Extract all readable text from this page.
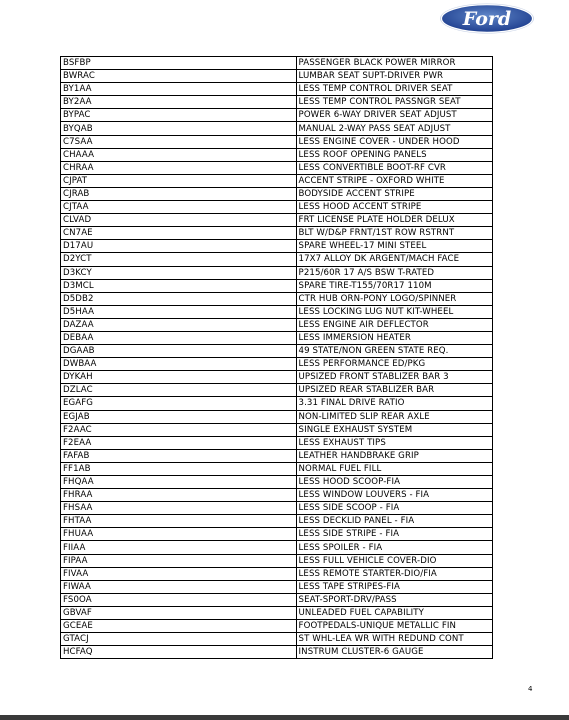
Ford
BSFBP	PASSENGER BLACK POWER MIRROR
BWRAC	LUMBAR SEAT SUPT-DRIVER PWR
BY1AA	LESS TEMP CONTROL DRIVER SEAT
BY2AA	LESS TEMP CONTROL PASSNGR SEAT
BYPAC	POWER 6-WAY DRIVER SEAT ADJUST
BYQAB	MANUAL 2-WAY PASS SEAT ADJUST
C7SAA	LESS ENGINE COVER - UNDER HOOD
CHAAA	LESS ROOF OPENING PANELS
CHRAA	LESS CONVERTIBLE BOOT-RF CVR
CJPAT	ACCENT STRIPE - OXFORD WHITE
CJRAB	BODYSIDE ACCENT STRIPE
CJTAA	LESS HOOD ACCENT STRIPE
CLVAD	FRT LICENSE PLATE HOLDER DELUX
CN7AE	BLT W/D&P FRNT/1ST ROW RSTRNT
D17AU	SPARE WHEEL-17 MINI STEEL
D2YCT	17X7 ALLOY DK ARGENT/MACH FACE
D3KCY	P215/60R 17 A/S BSW T-RATED
D3MCL	SPARE TIRE-T155/70R17 110M
D5DB2	CTR HUB ORN-PONY LOGO/SPINNER
D5HAA	LESS LOCKING LUG NUT KIT-WHEEL
DAZAA	LESS ENGINE AIR DEFLECTOR
DEBAA	LESS IMMERSION HEATER
DGAAB	49 STATE/NON GREEN STATE REQ.
DWBAA	LESS PERFORMANCE ED/PKG
DYKAH	UPSIZED FRONT STABLIZER BAR 3
DZLAC	UPSIZED REAR STABLIZER BAR
EGAFG	3.31 FINAL DRIVE RATIO
EGJAB	NON-LIMITED SLIP REAR AXLE
F2AAC	SINGLE EXHAUST SYSTEM
F2EAA	LESS EXHAUST TIPS
FAFAB	LEATHER HANDBRAKE GRIP
FF1AB	NORMAL FUEL FILL
FHQAA	LESS HOOD SCOOP-FIA
FHRAA	LESS WINDOW LOUVERS - FIA
FHSAA	LESS SIDE SCOOP - FIA
FHTAA	LESS DECKLID PANEL - FIA
FHUAA	LESS SIDE STRIPE - FIA
FIIAA	LESS SPOILER - FIA
FIPAA	LESS FULL VEHICLE COVER-DIO
FIVAA	LESS REMOTE STARTER-DIO/FIA
FIWAA	LESS TAPE STRIPES-FIA
FS0OA	SEAT-SPORT-DRV/PASS
GBVAF	UNLEADED FUEL CAPABILITY
GCEAE	FOOTPEDALS-UNIQUE METALLIC FIN
GTACJ	ST WHL-LEA WR WITH REDUND CONT
HCFAQ	INSTRUM CLUSTER-6 GAUGE
4
